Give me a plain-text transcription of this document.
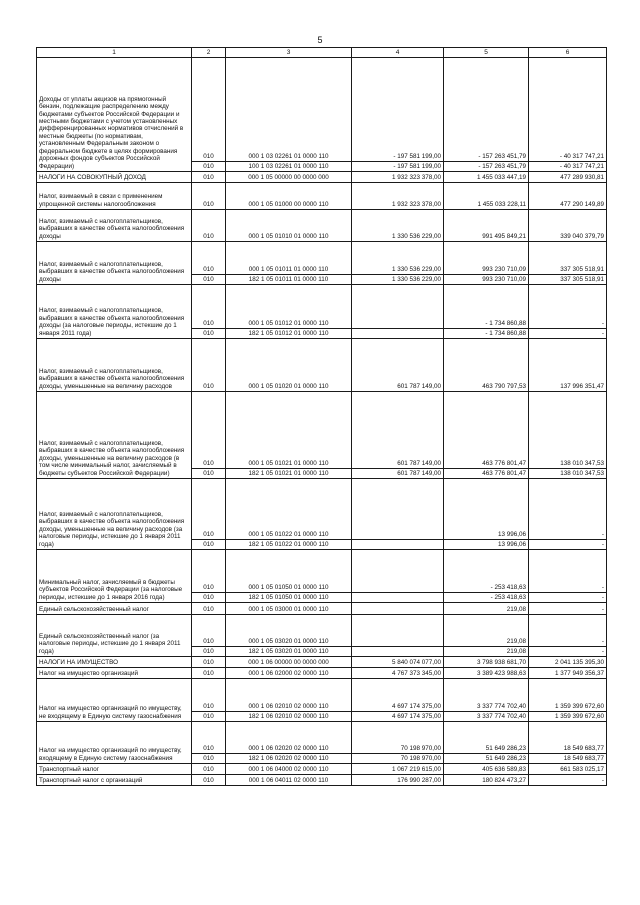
5
1	2	3	4	5	6
Доходы от уплаты акцизов на прямогонный бензин, подлежащие распределению между бюджетами субъектов Российской Федерации и местными бюджетами с учетом установленных дифференцированных нормативов отчислений в местные бюджеты (по нормативам, установленным Федеральным законом о федеральном бюджете в целях формирования дорожных фондов субъектов Российской Федерации)	010	000 1 03 02261 01 0000 110	- 197 581 199,00	- 157 263 451,79	- 40 317 747,21
	010	100 1 03 02261 01 0000 110	- 197 581 199,00	- 157 263 451,79	- 40 317 747,21
НАЛОГИ НА СОВОКУПНЫЙ ДОХОД	010	000 1 05 00000 00 0000 000	1 932 323 378,00	1 455 033 447,19	477 289 930,81
Налог, взимаемый в связи с применением упрощенной системы налогообложения	010	000 1 05 01000 00 0000 110	1 932 323 378,00	1 455 033 228,11	477 290 149,89
Налог, взимаемый с налогоплательщиков, выбравших в качестве объекта налогообложения доходы	010	000 1 05 01010 01 0000 110	1 330 536 229,00	991 495 849,21	339 040 379,79
Налог, взимаемый с налогоплательщиков, выбравших в качестве объекта налогообложения доходы	010	000 1 05 01011 01 0000 110	1 330 536 229,00	993 230 710,09	337 305 518,91
	010	182 1 05 01011 01 0000 110	1 330 536 229,00	993 230 710,09	337 305 518,91
Налог, взимаемый с налогоплательщиков, выбравших в качестве объекта налогообложения доходы (за налоговые периоды, истекшие до 1 января 2011 года)	010	000 1 05 01012 01 0000 110		- 1 734 860,88	-
	010	182 1 05 01012 01 0000 110		- 1 734 860,88	-
Налог, взимаемый с налогоплательщиков, выбравших в качестве объекта налогообложения доходы, уменьшенные на величину расходов	010	000 1 05 01020 01 0000 110	601 787 149,00	463 790 797,53	137 996 351,47
Налог, взимаемый с налогоплательщиков, выбравших в качестве объекта налогообложения доходы, уменьшенные на величину расходов (в том числе минимальный налог, зачисляемый в бюджеты субъектов Российской Федерации)	010	000 1 05 01021 01 0000 110	601 787 149,00	463 776 801,47	138 010 347,53
	010	182 1 05 01021 01 0000 110	601 787 149,00	463 776 801,47	138 010 347,53
Налог, взимаемый с налогоплательщиков, выбравших в качестве объекта налогообложения доходы, уменьшенные на величину расходов (за налоговые периоды, истекшие до 1 января 2011 года)	010	000 1 05 01022 01 0000 110		13 996,06	-
	010	182 1 05 01022 01 0000 110		13 996,06	-
Минимальный налог, зачисляемый в бюджеты субъектов Российской Федерации (за налоговые периоды, истекшие до 1 января 2016 года)	010	000 1 05 01050 01 0000 110		- 253 418,63	-
	010	182 1 05 01050 01 0000 110		- 253 418,63	-
Единый сельскохозяйственный налог	010	000 1 05 03000 01 0000 110		219,08	-
Единый сельскохозяйственный налог (за налоговые периоды, истекшие до 1 января 2011 года)	010	000 1 05 03020 01 0000 110		219,08	-
	010	182 1 05 03020 01 0000 110		219,08	-
НАЛОГИ НА ИМУЩЕСТВО	010	000 1 06 00000 00 0000 000	5 840 074 077,00	3 798 938 681,70	2 041 135 395,30
Налог на имущество организаций	010	000 1 06 02000 02 0000 110	4 767 373 345,00	3 389 423 988,63	1 377 949 356,37
Налог на имущество организаций по имуществу, не входящему в Единую систему газоснабжения	010	000 1 06 02010 02 0000 110	4 697 174 375,00	3 337 774 702,40	1 359 399 672,60
	010	182 1 06 02010 02 0000 110	4 697 174 375,00	3 337 774 702,40	1 359 399 672,60
Налог на имущество организаций по имуществу, входящему в Единую систему газоснабжения	010	000 1 06 02020 02 0000 110	70 198 970,00	51 649 286,23	18 549 683,77
	010	182 1 06 02020 02 0000 110	70 198 970,00	51 649 286,23	18 549 683,77
Транспортный налог	010	000 1 06 04000 02 0000 110	1 067 219 615,00	405 636 589,83	661 583 025,17
Транспортный налог с организаций	010	000 1 06 04011 02 0000 110	176 990 287,00	180 824 473,27	-
